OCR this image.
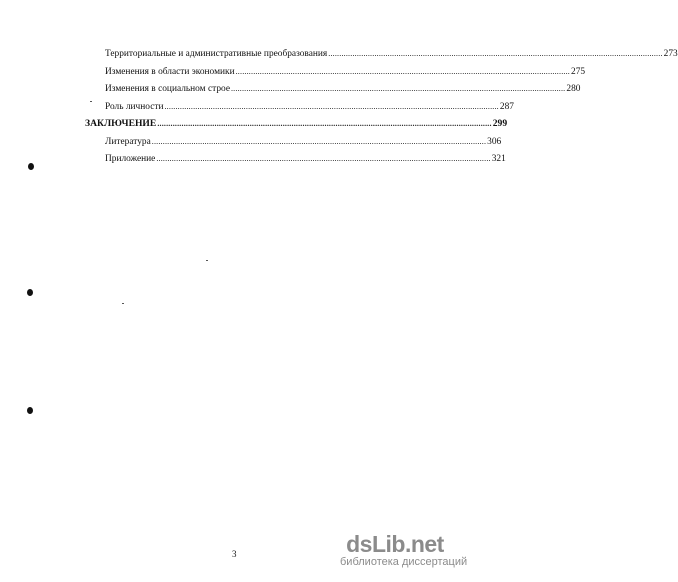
Территориальные и административные преобразования .....	273
Изменения в области экономики .....	275
Изменения в социальном строе .....	280
Роль личности .....	287
ЗАКЛЮЧЕНИЕ .....	299
Литература .....	306
Приложение .....	321
3	dsLib.net
библиотека диссертаций
